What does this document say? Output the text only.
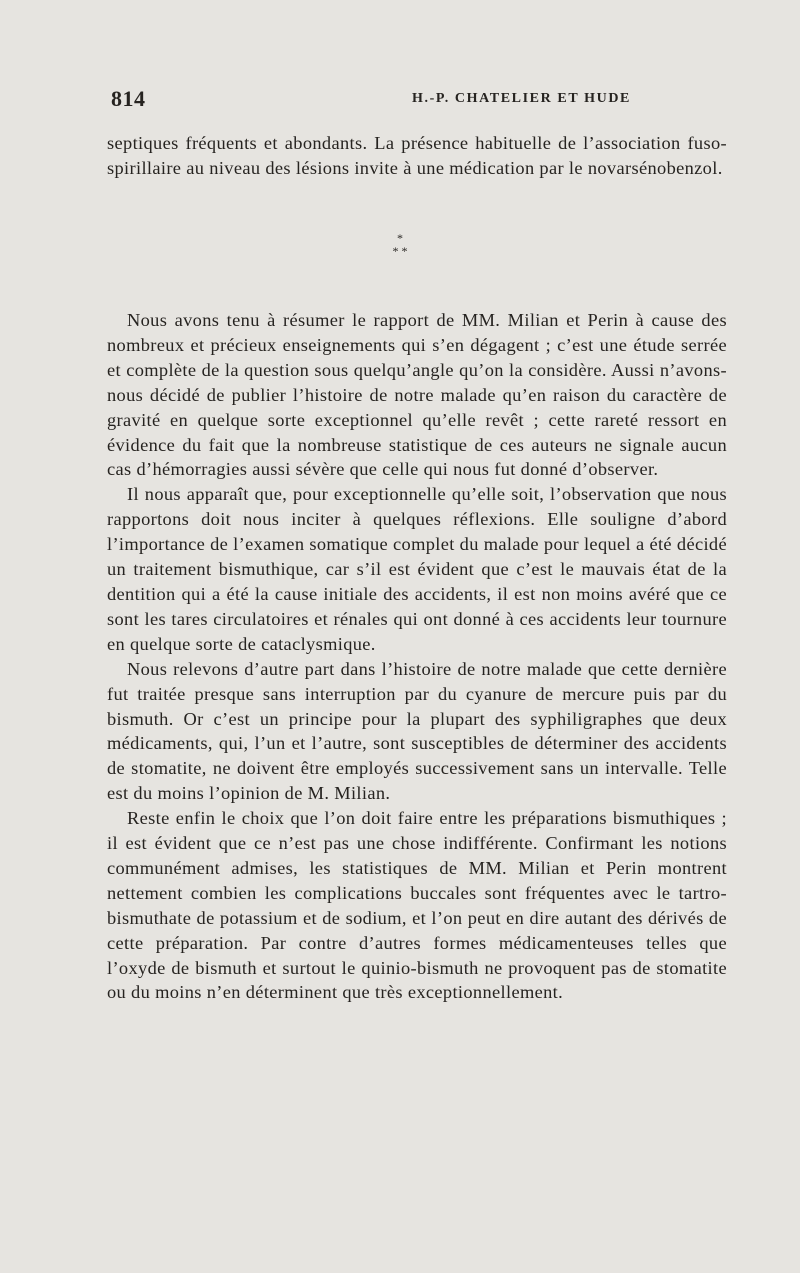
814	H.-P. CHATELIER ET HUDE

septiques fréquents et abondants. La présence habituelle de l’association fuso-spirillaire au niveau des lésions invite à une médication par le novarsénobenzol.

*
* *

Nous avons tenu à résumer le rapport de MM. Milian et Perin à cause des nombreux et précieux enseignements qui s’en dégagent ; c’est une étude serrée et complète de la question sous quelqu’angle qu’on la considère. Aussi n’avons-nous décidé de publier l’histoire de notre malade qu’en raison du caractère de gravité en quelque sorte exceptionnel qu’elle revêt ; cette rareté ressort en évidence du fait que la nombreuse statistique de ces auteurs ne signale aucun cas d’hémorragies aussi sévère que celle qui nous fut donné d’observer.

Il nous apparaît que, pour exceptionnelle qu’elle soit, l’observation que nous rapportons doit nous inciter à quelques réflexions. Elle souligne d’abord l’importance de l’examen somatique complet du malade pour lequel a été décidé un traitement bismuthique, car s’il est évident que c’est le mauvais état de la dentition qui a été la cause initiale des accidents, il est non moins avéré que ce sont les tares circulatoires et rénales qui ont donné à ces accidents leur tournure en quelque sorte de cataclysmique.

Nous relevons d’autre part dans l’histoire de notre malade que cette dernière fut traitée presque sans interruption par du cyanure de mercure puis par du bismuth. Or c’est un principe pour la plupart des syphiligraphes que deux médicaments, qui, l’un et l’autre, sont susceptibles de déterminer des accidents de stomatite, ne doivent être employés successivement sans un intervalle. Telle est du moins l’opinion de M. Milian.

Reste enfin le choix que l’on doit faire entre les préparations bismuthiques ; il est évident que ce n’est pas une chose indifférente. Confirmant les notions communément admises, les statistiques de MM. Milian et Perin montrent nettement combien les complications buccales sont fréquentes avec le tartro-bismuthate de potassium et de sodium, et l’on peut en dire autant des dérivés de cette préparation. Par contre d’autres formes médicamenteuses telles que l’oxyde de bismuth et surtout le quinio-bismuth ne provoquent pas de stomatite ou du moins n’en déterminent que très exceptionnellement.
